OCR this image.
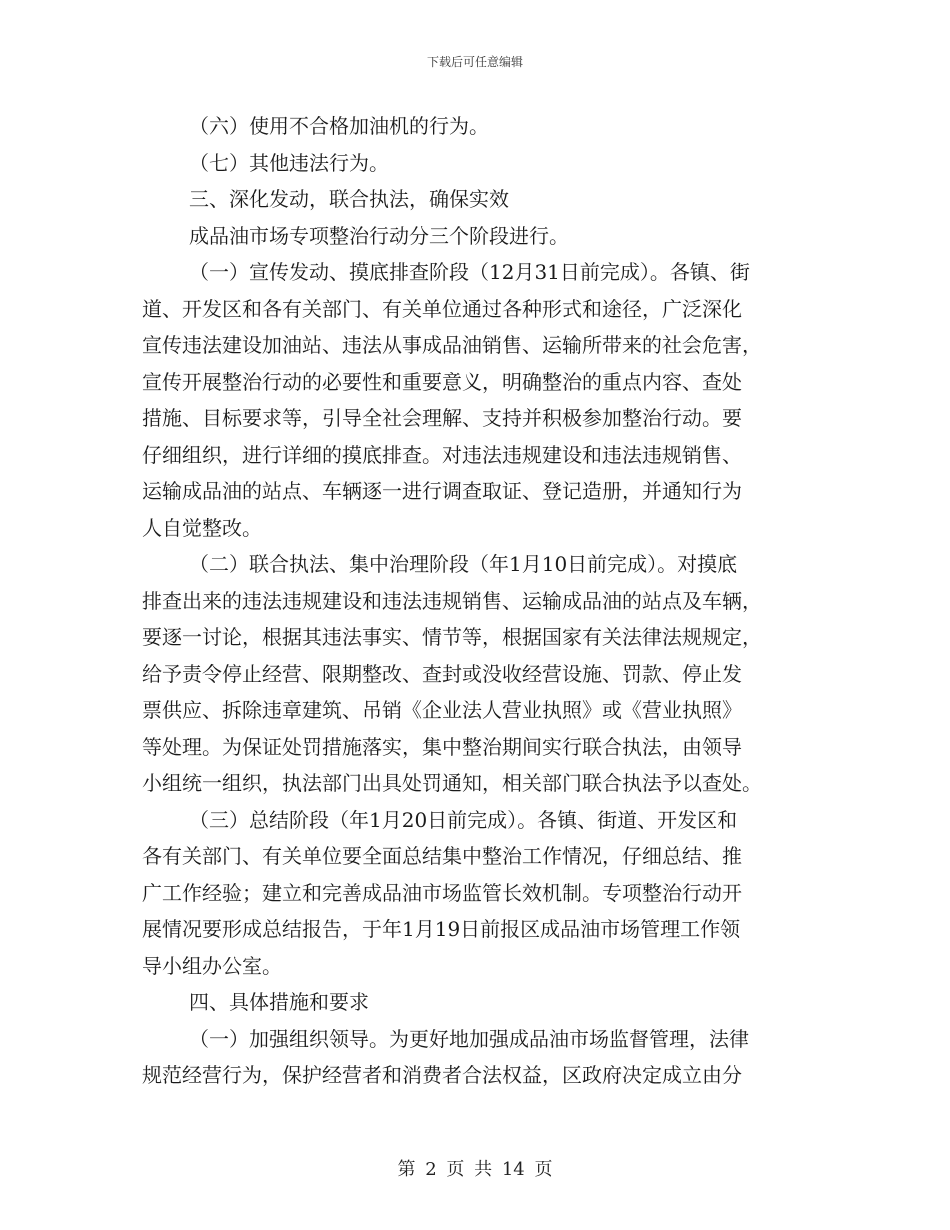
下载后可任意编辑
（六）使用不合格加油机的行为。
（七）其他违法行为。
三、深化发动，联合执法，确保实效
成品油市场专项整治行动分三个阶段进行。
（一）宣传发动、摸底排查阶段（12月31日前完成）。各镇、街
道、开发区和各有关部门、有关单位通过各种形式和途径，广泛深化
宣传违法建设加油站、违法从事成品油销售、运输所带来的社会危害，
宣传开展整治行动的必要性和重要意义，明确整治的重点内容、查处
措施、目标要求等，引导全社会理解、支持并积极参加整治行动。要
仔细组织，进行详细的摸底排查。对违法违规建设和违法违规销售、
运输成品油的站点、车辆逐一进行调查取证、登记造册，并通知行为
人自觉整改。
（二）联合执法、集中治理阶段（年1月10日前完成）。对摸底
排查出来的违法违规建设和违法违规销售、运输成品油的站点及车辆，
要逐一讨论，根据其违法事实、情节等，根据国家有关法律法规规定，
给予责令停止经营、限期整改、查封或没收经营设施、罚款、停止发
票供应、拆除违章建筑、吊销《企业法人营业执照》或《营业执照》
等处理。为保证处罚措施落实，集中整治期间实行联合执法，由领导
小组统一组织，执法部门出具处罚通知，相关部门联合执法予以查处。
（三）总结阶段（年1月20日前完成）。各镇、街道、开发区和
各有关部门、有关单位要全面总结集中整治工作情况，仔细总结、推
广工作经验；建立和完善成品油市场监管长效机制。专项整治行动开
展情况要形成总结报告，于年1月19日前报区成品油市场管理工作领
导小组办公室。
四、具体措施和要求
（一）加强组织领导。为更好地加强成品油市场监督管理，法律
规范经营行为，保护经营者和消费者合法权益，区政府决定成立由分
第 2 页 共 14 页
